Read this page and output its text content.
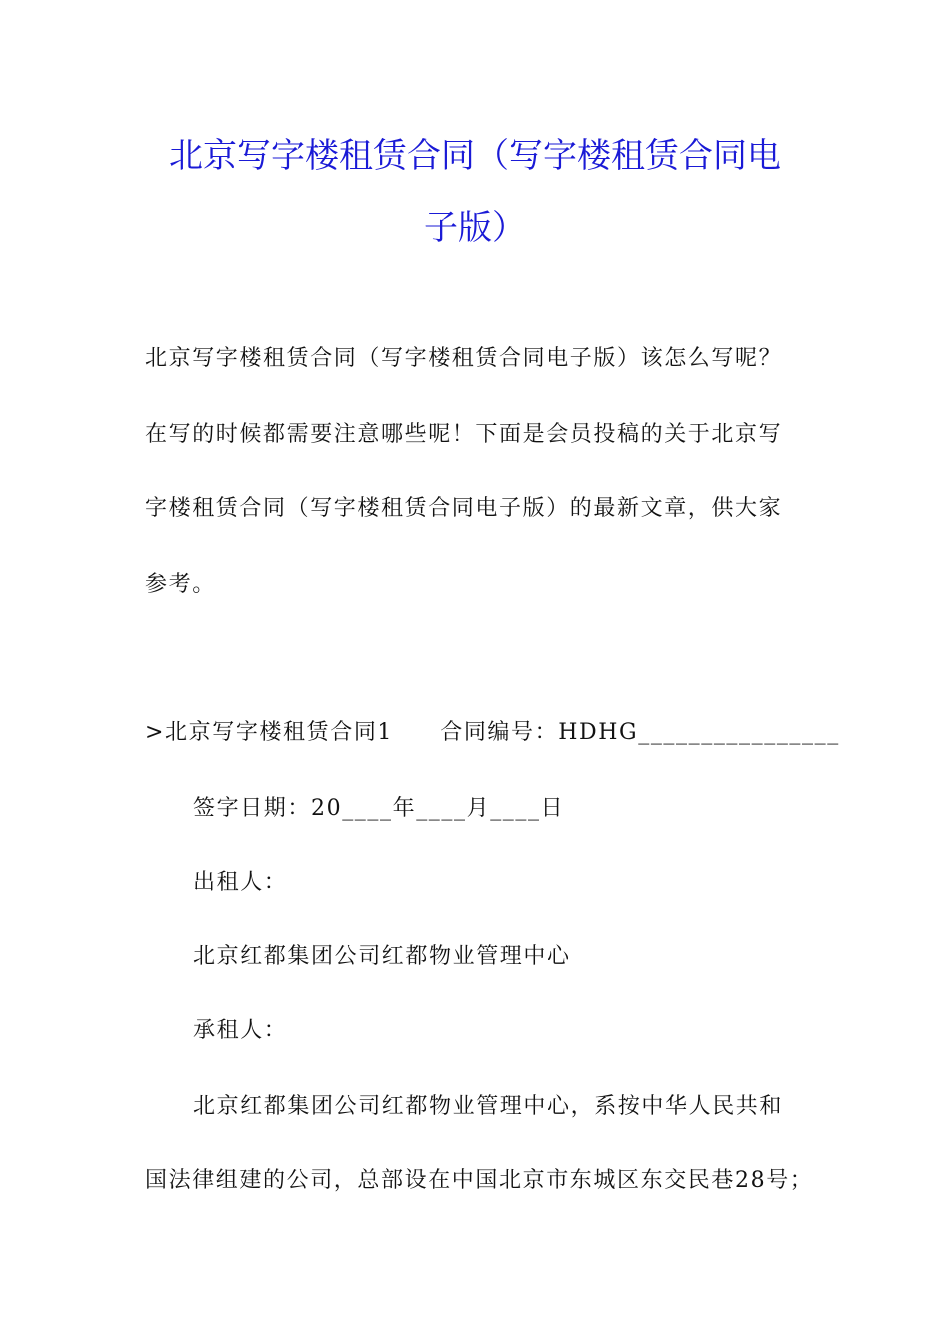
北京写字楼租赁合同（写字楼租赁合同电
子版）
北京写字楼租赁合同（写字楼租赁合同电子版）该怎么写呢？
在写的时候都需要注意哪些呢！下面是会员投稿的关于北京写
字楼租赁合同（写字楼租赁合同电子版）的最新文章，供大家
参考。
>北京写字楼租赁合同1　　合同编号：HDHG________________
签字日期：20____年____月____日
出租人：
北京红都集团公司红都物业管理中心
承租人：
北京红都集团公司红都物业管理中心，系按中华人民共和
国法律组建的公司，总部设在中国北京市东城区东交民巷28号；
